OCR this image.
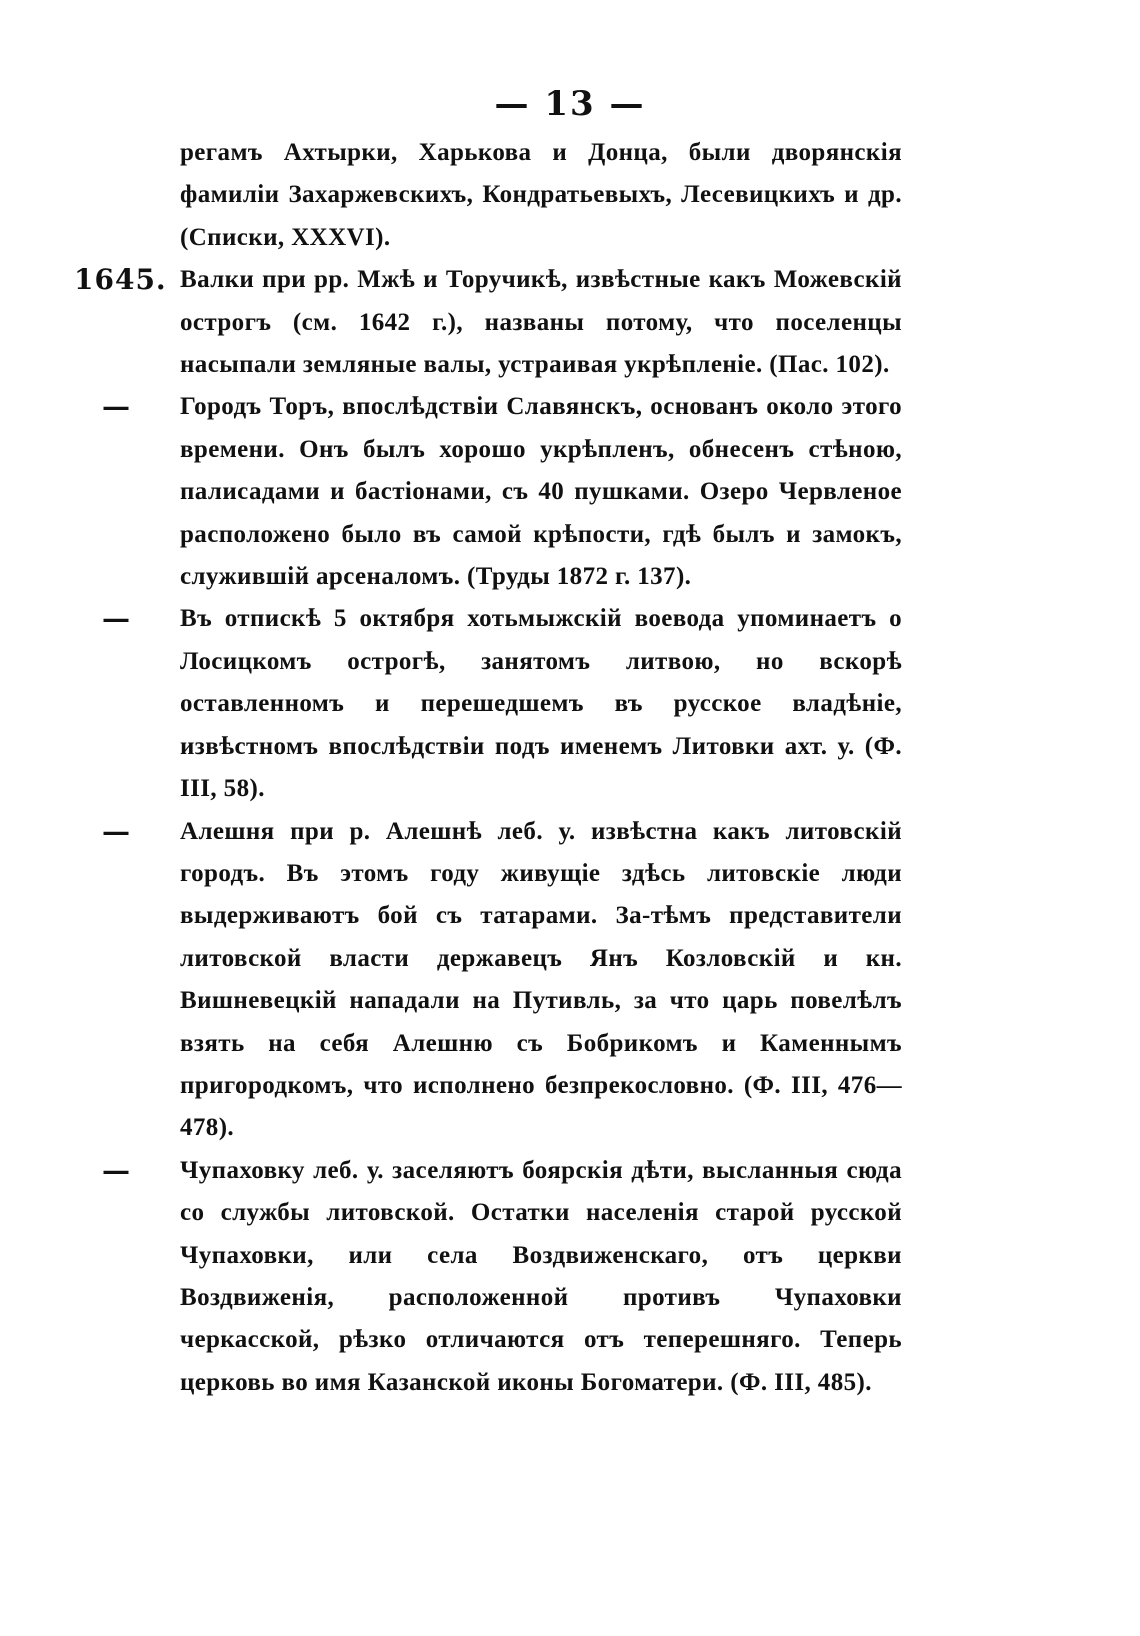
— 13 —
регамъ Ахтырки, Харькова и Донца, были дворянскія фамиліи Захаржевскихъ, Кондратьевыхъ, Лесевицкихъ и др. (Списки, XXXVI).
1645. Валки при рр. Мжѣ и Торучикѣ, извѣстные какъ Можевскій острогъ (см. 1642 г.), названы потому, что поселенцы насыпали земляные валы, устраивая укрѣпленіе. (Пас. 102).
—	Городъ Торъ, впослѣдствіи Славянскъ, основанъ около этого времени. Онъ былъ хорошо укрѣпленъ, обнесенъ стѣною, палисадами и бастіонами, съ 40 пушками. Озеро Червленое расположено было въ самой крѣпости, гдѣ былъ и замокъ, служившій арсеналомъ. (Труды 1872 г. 137).
—	Въ отпискѣ 5 октября хотьмыжскій воевода упоминаетъ о Лосицкомъ острогѣ, занятомъ литвою, но вскорѣ оставленномъ и перешедшемъ въ русское владѣніе, извѣстномъ впослѣдствіи подъ именемъ Литовки ахт. у. (Ф. III, 58).
—	Алешня при р. Алешнѣ леб. у. извѣстна какъ литовскій городъ. Въ этомъ году живущіе здѣсь литовскіе люди выдерживаютъ бой съ татарами. За-тѣмъ представители литовской власти державецъ Янъ Козловскій и кн. Вишневецкій нападали на Путивль, за что царь повелѣлъ взять на себя Алешню съ Бобрикомъ и Каменнымъ пригородкомъ, что исполнено безпрекословно. (Ф. III, 476—478).
—	Чупаховку леб. у. заселяютъ боярскія дѣти, высланныя сюда со службы литовской. Остатки населенія старой русской Чупаховки, или села Воздвиженскаго, отъ церкви Воздвиженія, расположенной противъ Чупаховки черкасской, рѣзко отличаются отъ теперешняго. Теперь церковь во имя Казанской иконы Богоматери. (Ф. III, 485).
